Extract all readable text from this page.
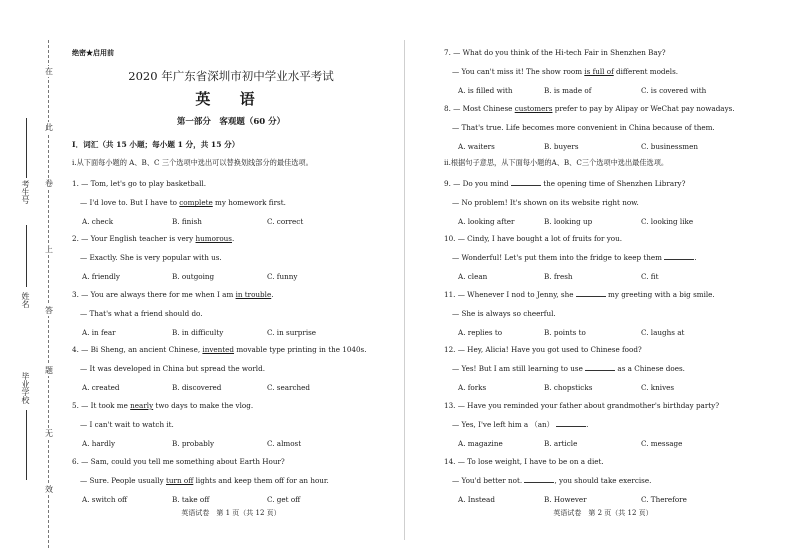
在
此
卷
上
答
题
无
效
考生号
姓名
毕业学校
绝密★启用前
2020 年广东省深圳市初中学业水平考试
英 语
第一部分　客观题（60 分）
Ⅰ．词汇（共 15 小题；每小题 1 分，共 15 分）
i.从下面每小题的 A、B、C 三个选项中选出可以替换划线部分的最佳选项。
1. — Tom, let's go to play basketball.
— I'd love to. But I have to complete my homework first.
A. check	B. finish	C. correct
2. — Your English teacher is very humorous.
— Exactly. She is very popular with us.
A. friendly	B. outgoing	C. funny
3. — You are always there for me when I am in trouble.
— That's what a friend should do.
A. in fear	B. in difficulty	C. in surprise
4. — Bi Sheng, an ancient Chinese, invented movable type printing in the 1040s.
— It was developed in China but spread the world.
A. created	B. discovered	C. searched
5. — It took me nearly two days to make the vlog.
— I can't wait to watch it.
A. hardly	B. probably	C. almost
6. — Sam, could you tell me something about Earth Hour?
— Sure. People usually turn off lights and keep them off for an hour.
A. switch off	B. take off	C. get off
英语试卷　第 1 页（共 12 页）
7. — What do you think of the Hi-tech Fair in Shenzhen Bay?
— You can't miss it! The show room is full of different models.
A. is filled with	B. is made of	C. is covered with
8. — Most Chinese customers prefer to pay by Alipay or WeChat pay nowadays.
— That's true. Life becomes more convenient in China because of them.
A. waiters	B. buyers	C. businessmen
9. — Do you mind	the opening time of Shenzhen Library?
— No problem! It's shown on its website right now.
A. looking after	B. looking up	C. looking like
10. — Cindy, I have bought a lot of fruits for you.
— Wonderful! Let's put them into the fridge to keep them	.
A. clean	B. fresh	C. fit
11. — Whenever I nod to Jenny, she	my greeting with a big smile.
— She is always so cheerful.
A. replies to	B. points to	C. laughs at
12. — Hey, Alicia! Have you got used to Chinese food?
— Yes! But I am still learning to use	as a Chinese does.
A. forks	B. chopsticks	C. knives
13. — Have you reminded your father about grandmother's birthday party?
— Yes, I've left him a （an）	.
A. magazine	B. article	C. message
14. — To lose weight, I have to be on a diet.
— You'd better not.	, you should take exercise.
A. Instead	B. However	C. Therefore
ii.根据句子意思，从下面每小题的A、B、C三个选项中选出最佳选项。
英语试卷　第 2 页（共 12 页）
